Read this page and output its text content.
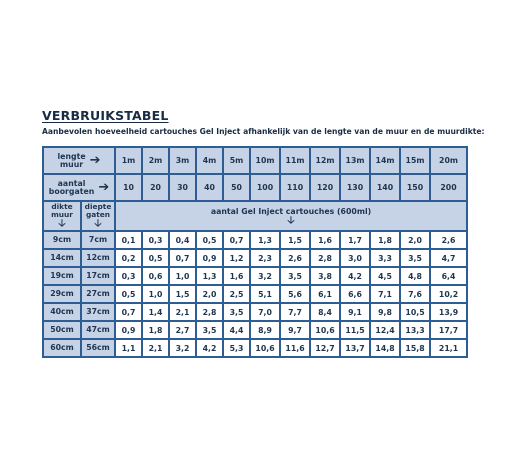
VERBRUIKSTABEL
Aanbevolen hoeveelheid cartouches Gel Inject afhankelijk van de lengte van de muur en de muurdikte:
lengte
muur ➔		1m	2m	3m	4m	5m	10m	11m	12m	13m	14m	15m	20m

aantal
boorgaten ➔		10	20	30	40	50	100	110	120	130	140	150	200

dikte
muur
🡣	diepte
gaten
🡣	aantal Gel Inject cartouches (600ml)
🡣											

9cm	7cm	0,1	0,3	0,4	0,5	0,7	1,3	1,5	1,6	1,7	1,8	2,0	2,6
14cm	12cm	0,2	0,5	0,7	0,9	1,2	2,3	2,6	2,8	3,0	3,3	3,5	4,7
19cm	17cm	0,3	0,6	1,0	1,3	1,6	3,2	3,5	3,8	4,2	4,5	4,8	6,4
29cm	27cm	0,5	1,0	1,5	2,0	2,5	5,1	5,6	6,1	6,6	7,1	7,6	10,2
40cm	37cm	0,7	1,4	2,1	2,8	3,5	7,0	7,7	8,4	9,1	9,8	10,5	13,9
50cm	47cm	0,9	1,8	2,7	3,5	4,4	8,9	9,7	10,6	11,5	12,4	13,3	17,7
60cm	56cm	1,1	2,1	3,2	4,2	5,3	10,6	11,6	12,7	13,7	14,8	15,8	21,1
